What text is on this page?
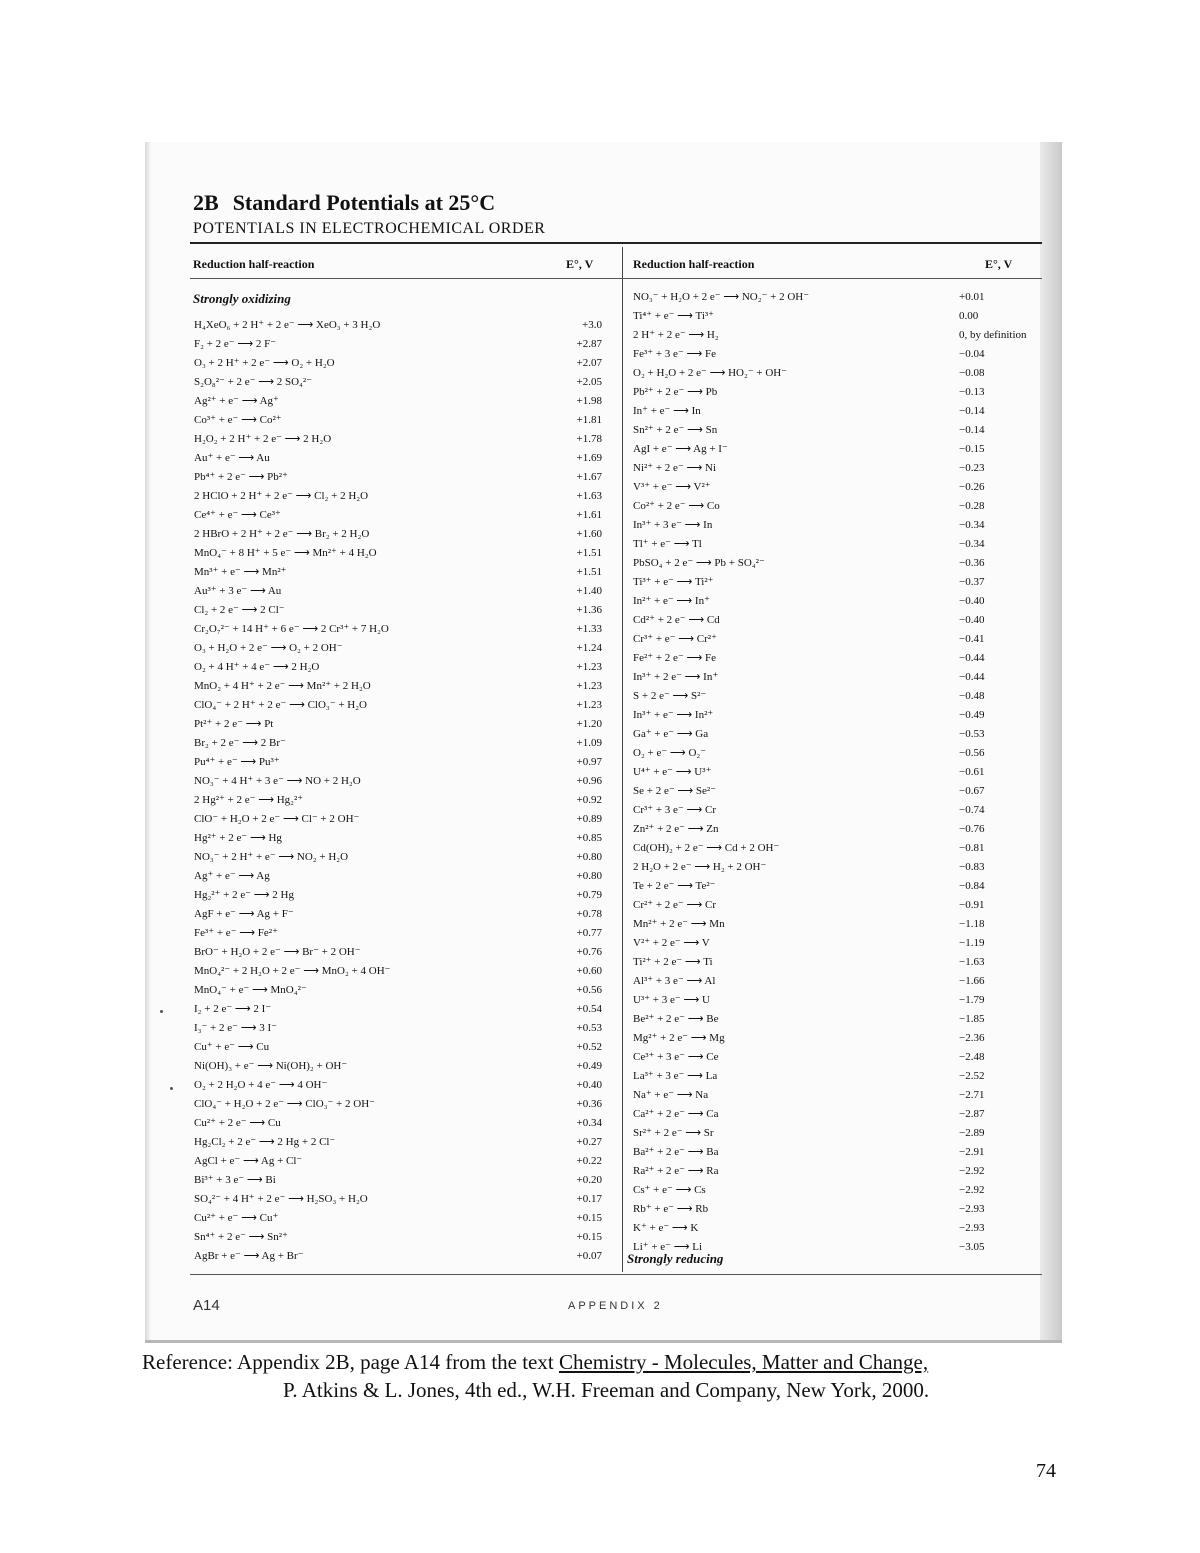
2B Standard Potentials at 25°C
POTENTIALS IN ELECTROCHEMICAL ORDER
Reduction half-reaction	E°, V	Reduction half-reaction	E°, V
Strongly oxidizing
H₄XeO₆ + 2 H⁺ + 2 e⁻ ⟶ XeO₃ + 3 H₂O	+3.0
F₂ + 2 e⁻ ⟶ 2 F⁻	+2.87
O₃ + 2 H⁺ + 2 e⁻ ⟶ O₂ + H₂O	+2.07
S₂O₈²⁻ + 2 e⁻ ⟶ 2 SO₄²⁻	+2.05
Ag²⁺ + e⁻ ⟶ Ag⁺	+1.98
Co³⁺ + e⁻ ⟶ Co²⁺	+1.81
H₂O₂ + 2 H⁺ + 2 e⁻ ⟶ 2 H₂O	+1.78
Au⁺ + e⁻ ⟶ Au	+1.69
Pb⁴⁺ + 2 e⁻ ⟶ Pb²⁺	+1.67
2 HClO + 2 H⁺ + 2 e⁻ ⟶ Cl₂ + 2 H₂O	+1.63
Ce⁴⁺ + e⁻ ⟶ Ce³⁺	+1.61
2 HBrO + 2 H⁺ + 2 e⁻ ⟶ Br₂ + 2 H₂O	+1.60
MnO₄⁻ + 8 H⁺ + 5 e⁻ ⟶ Mn²⁺ + 4 H₂O	+1.51
Mn³⁺ + e⁻ ⟶ Mn²⁺	+1.51
Au³⁺ + 3 e⁻ ⟶ Au	+1.40
Cl₂ + 2 e⁻ ⟶ 2 Cl⁻	+1.36
Cr₂O₇²⁻ + 14 H⁺ + 6 e⁻ ⟶ 2 Cr³⁺ + 7 H₂O	+1.33
O₃ + H₂O + 2 e⁻ ⟶ O₂ + 2 OH⁻	+1.24
O₂ + 4 H⁺ + 4 e⁻ ⟶ 2 H₂O	+1.23
MnO₂ + 4 H⁺ + 2 e⁻ ⟶ Mn²⁺ + 2 H₂O	+1.23
ClO₄⁻ + 2 H⁺ + 2 e⁻ ⟶ ClO₃⁻ + H₂O	+1.23
Pt²⁺ + 2 e⁻ ⟶ Pt	+1.20
Br₂ + 2 e⁻ ⟶ 2 Br⁻	+1.09
Pu⁴⁺ + e⁻ ⟶ Pu³⁺	+0.97
NO₃⁻ + 4 H⁺ + 3 e⁻ ⟶ NO + 2 H₂O	+0.96
2 Hg²⁺ + 2 e⁻ ⟶ Hg₂²⁺	+0.92
ClO⁻ + H₂O + 2 e⁻ ⟶ Cl⁻ + 2 OH⁻	+0.89
Hg²⁺ + 2 e⁻ ⟶ Hg	+0.85
NO₃⁻ + 2 H⁺ + e⁻ ⟶ NO₂ + H₂O	+0.80
Ag⁺ + e⁻ ⟶ Ag	+0.80
Hg₂²⁺ + 2 e⁻ ⟶ 2 Hg	+0.79
AgF + e⁻ ⟶ Ag + F⁻	+0.78
Fe³⁺ + e⁻ ⟶ Fe²⁺	+0.77
BrO⁻ + H₂O + 2 e⁻ ⟶ Br⁻ + 2 OH⁻	+0.76
MnO₄²⁻ + 2 H₂O + 2 e⁻ ⟶ MnO₂ + 4 OH⁻	+0.60
MnO₄⁻ + e⁻ ⟶ MnO₄²⁻	+0.56
I₂ + 2 e⁻ ⟶ 2 I⁻	+0.54
I₃⁻ + 2 e⁻ ⟶ 3 I⁻	+0.53
Cu⁺ + e⁻ ⟶ Cu	+0.52
Ni(OH)₃ + e⁻ ⟶ Ni(OH)₂ + OH⁻	+0.49
O₂ + 2 H₂O + 4 e⁻ ⟶ 4 OH⁻	+0.40
ClO₄⁻ + H₂O + 2 e⁻ ⟶ ClO₃⁻ + 2 OH⁻	+0.36
Cu²⁺ + 2 e⁻ ⟶ Cu	+0.34
Hg₂Cl₂ + 2 e⁻ ⟶ 2 Hg + 2 Cl⁻	+0.27
AgCl + e⁻ ⟶ Ag + Cl⁻	+0.22
Bi³⁺ + 3 e⁻ ⟶ Bi	+0.20
SO₄²⁻ + 4 H⁺ + 2 e⁻ ⟶ H₂SO₃ + H₂O	+0.17
Cu²⁺ + e⁻ ⟶ Cu⁺	+0.15
Sn⁴⁺ + 2 e⁻ ⟶ Sn²⁺	+0.15
AgBr + e⁻ ⟶ Ag + Br⁻	+0.07
NO₃⁻ + H₂O + 2 e⁻ ⟶ NO₂⁻ + 2 OH⁻	+0.01
Ti⁴⁺ + e⁻ ⟶ Ti³⁺	0.00
2 H⁺ + 2 e⁻ ⟶ H₂	0, by definition
Fe³⁺ + 3 e⁻ ⟶ Fe	−0.04
O₂ + H₂O + 2 e⁻ ⟶ HO₂⁻ + OH⁻	−0.08
Pb²⁺ + 2 e⁻ ⟶ Pb	−0.13
In⁺ + e⁻ ⟶ In	−0.14
Sn²⁺ + 2 e⁻ ⟶ Sn	−0.14
AgI + e⁻ ⟶ Ag + I⁻	−0.15
Ni²⁺ + 2 e⁻ ⟶ Ni	−0.23
V³⁺ + e⁻ ⟶ V²⁺	−0.26
Co²⁺ + 2 e⁻ ⟶ Co	−0.28
In³⁺ + 3 e⁻ ⟶ In	−0.34
Tl⁺ + e⁻ ⟶ Tl	−0.34
PbSO₄ + 2 e⁻ ⟶ Pb + SO₄²⁻	−0.36
Ti³⁺ + e⁻ ⟶ Ti²⁺	−0.37
In²⁺ + e⁻ ⟶ In⁺	−0.40
Cd²⁺ + 2 e⁻ ⟶ Cd	−0.40
Cr³⁺ + e⁻ ⟶ Cr²⁺	−0.41
Fe²⁺ + 2 e⁻ ⟶ Fe	−0.44
In³⁺ + 2 e⁻ ⟶ In⁺	−0.44
S + 2 e⁻ ⟶ S²⁻	−0.48
In³⁺ + e⁻ ⟶ In²⁺	−0.49
Ga⁺ + e⁻ ⟶ Ga	−0.53
O₂ + e⁻ ⟶ O₂⁻	−0.56
U⁴⁺ + e⁻ ⟶ U³⁺	−0.61
Se + 2 e⁻ ⟶ Se²⁻	−0.67
Cr³⁺ + 3 e⁻ ⟶ Cr	−0.74
Zn²⁺ + 2 e⁻ ⟶ Zn	−0.76
Cd(OH)₂ + 2 e⁻ ⟶ Cd + 2 OH⁻	−0.81
2 H₂O + 2 e⁻ ⟶ H₂ + 2 OH⁻	−0.83
Te + 2 e⁻ ⟶ Te²⁻	−0.84
Cr²⁺ + 2 e⁻ ⟶ Cr	−0.91
Mn²⁺ + 2 e⁻ ⟶ Mn	−1.18
V²⁺ + 2 e⁻ ⟶ V	−1.19
Ti²⁺ + 2 e⁻ ⟶ Ti	−1.63
Al³⁺ + 3 e⁻ ⟶ Al	−1.66
U³⁺ + 3 e⁻ ⟶ U	−1.79
Be²⁺ + 2 e⁻ ⟶ Be	−1.85
Mg²⁺ + 2 e⁻ ⟶ Mg	−2.36
Ce³⁺ + 3 e⁻ ⟶ Ce	−2.48
La³⁺ + 3 e⁻ ⟶ La	−2.52
Na⁺ + e⁻ ⟶ Na	−2.71
Ca²⁺ + 2 e⁻ ⟶ Ca	−2.87
Sr²⁺ + 2 e⁻ ⟶ Sr	−2.89
Ba²⁺ + 2 e⁻ ⟶ Ba	−2.91
Ra²⁺ + 2 e⁻ ⟶ Ra	−2.92
Cs⁺ + e⁻ ⟶ Cs	−2.92
Rb⁺ + e⁻ ⟶ Rb	−2.93
K⁺ + e⁻ ⟶ K	−2.93
Li⁺ + e⁻ ⟶ Li	−3.05
Strongly reducing
A14	APPENDIX 2
Reference: Appendix 2B, page A14 from the text Chemistry - Molecules, Matter and Change,
P. Atkins & L. Jones, 4th ed., W.H. Freeman and Company, New York, 2000.
74
